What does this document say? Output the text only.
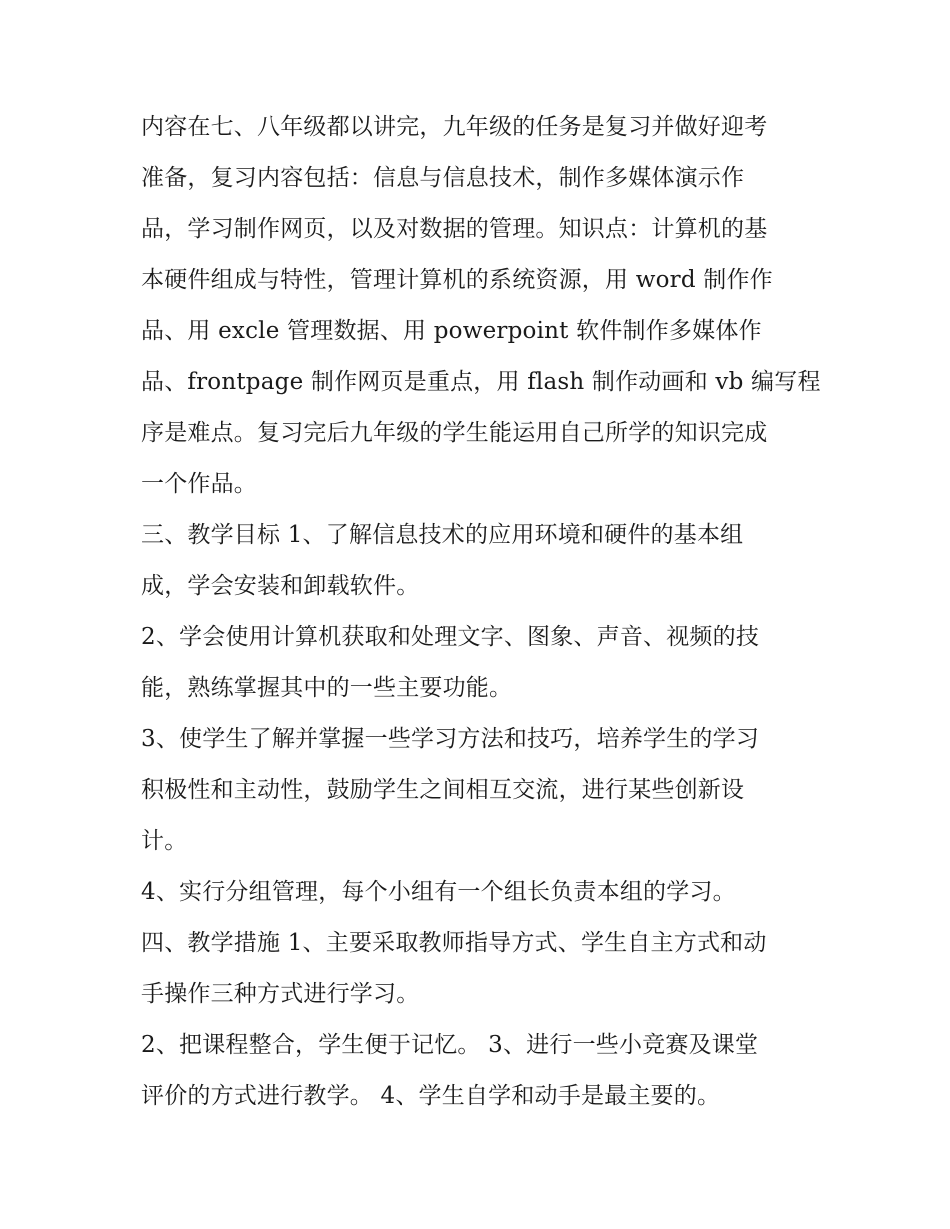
内容在七、八年级都以讲完，九年级的任务是复习并做好迎考
准备，复习内容包括：信息与信息技术，制作多媒体演示作
品，学习制作网页，以及对数据的管理。知识点：计算机的基
本硬件组成与特性，管理计算机的系统资源，用 word 制作作
品、用 excle 管理数据、用 powerpoint 软件制作多媒体作
品、frontpage 制作网页是重点，用 flash 制作动画和 vb 编写程
序是难点。复习完后九年级的学生能运用自己所学的知识完成
一个作品。
三、教学目标 1、了解信息技术的应用环境和硬件的基本组
成，学会安装和卸载软件。
2、学会使用计算机获取和处理文字、图象、声音、视频的技
能，熟练掌握其中的一些主要功能。
3、使学生了解并掌握一些学习方法和技巧，培养学生的学习
积极性和主动性，鼓励学生之间相互交流，进行某些创新设
计。
4、实行分组管理，每个小组有一个组长负责本组的学习。
四、教学措施 1、主要采取教师指导方式、学生自主方式和动
手操作三种方式进行学习。
2、把课程整合，学生便于记忆。 3、进行一些小竞赛及课堂
评价的方式进行教学。 4、学生自学和动手是最主要的。
